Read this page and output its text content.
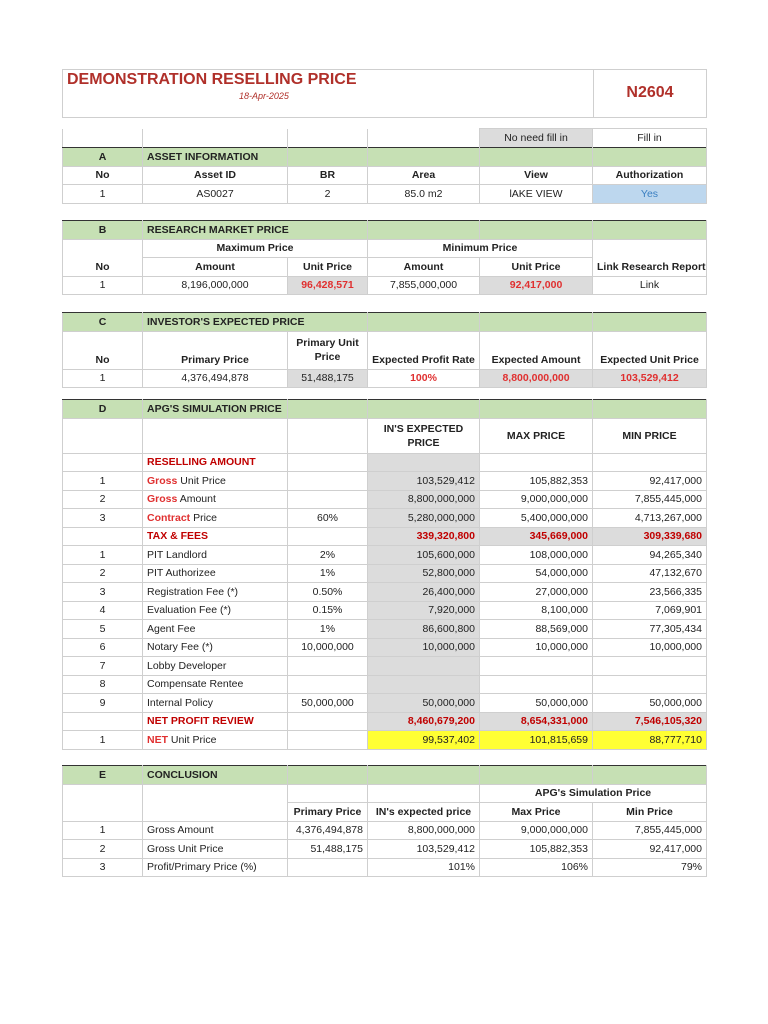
DEMONSTRATION RESELLING PRICE
18-Apr-2025	N2604
				No need fill in	Fill in
A	ASSET INFORMATION				
No	Asset ID	BR	Area	View	Authorization
1	AS0027	2	85.0 m2	lAKE VIEW	Yes
B	RESEARCH MARKET PRICE				
No	Maximum Price		Minimum Price		Link Research Report
	Amount	Unit Price	Amount	Unit Price	
1	8,196,000,000	96,428,571	7,855,000,000	92,417,000	Link
C	INVESTOR'S EXPECTED PRICE				
No	Primary Price	Primary Unit Price	Expected Profit Rate	Expected Amount	Expected Unit Price
1	4,376,494,878	51,488,175	100%	8,800,000,000	103,529,412
D	APG'S SIMULATION PRICE				
			IN'S EXPECTED PRICE	MAX PRICE	MIN PRICE
	RESELLING AMOUNT				
1	Gross Unit Price		103,529,412	105,882,353	92,417,000
2	Gross Amount		8,800,000,000	9,000,000,000	7,855,445,000
3	Contract Price	60%	5,280,000,000	5,400,000,000	4,713,267,000
	TAX & FEES		339,320,800	345,669,000	309,339,680
1	PIT Landlord	2%	105,600,000	108,000,000	94,265,340
2	PIT Authorizee	1%	52,800,000	54,000,000	47,132,670
3	Registration Fee (*)	0.50%	26,400,000	27,000,000	23,566,335
4	Evaluation Fee (*)	0.15%	7,920,000	8,100,000	7,069,901
5	Agent Fee	1%	86,600,800	88,569,000	77,305,434
6	Notary Fee (*)	10,000,000	10,000,000	10,000,000	10,000,000
7	Lobby Developer				
8	Compensate Rentee				
9	Internal Policy	50,000,000	50,000,000	50,000,000	50,000,000
	NET PROFIT REVIEW		8,460,679,200	8,654,331,000	7,546,105,320
1	NET Unit Price		99,537,402	101,815,659	88,777,710
E	CONCLUSION				
				APG's Simulation Price	
		Primary Price	IN's expected price	Max Price	Min Price
1	Gross Amount	4,376,494,878	8,800,000,000	9,000,000,000	7,855,445,000
2	Gross Unit Price	51,488,175	103,529,412	105,882,353	92,417,000
3	Profit/Primary Price (%)		101%	106%	79%
